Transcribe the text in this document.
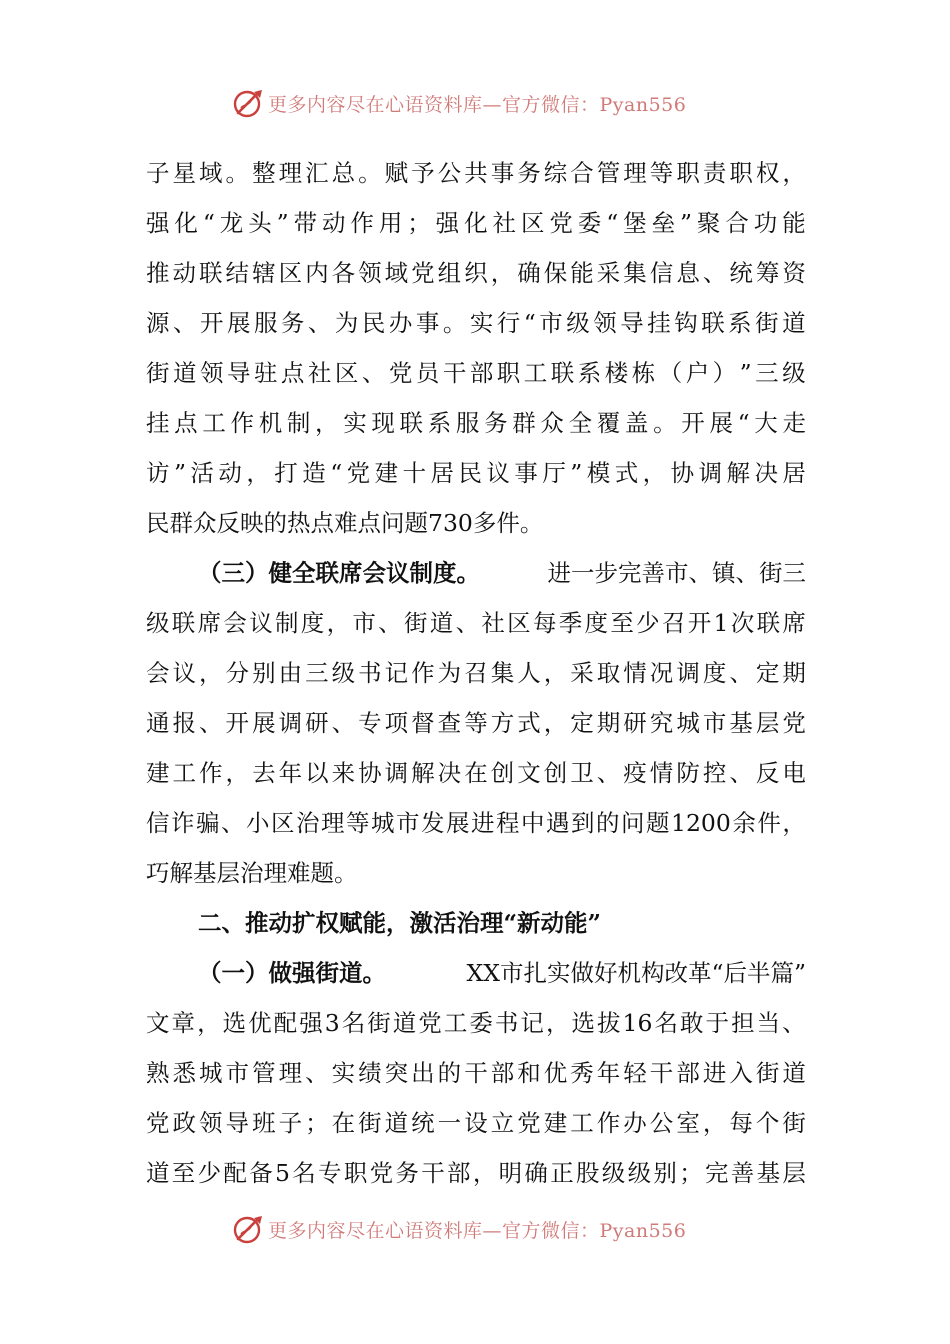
更多内容尽在心语资料库—官方微信：Pyan556
子 星 域 。 整 理 汇 总 。 赋 予 公 共 事 务 综 合 管 理 等 职 责 职 权 ，
强 化 “ 龙 头 ” 带 动 作 用 ； 强 化 社 区 党 委 “ 堡 垒 ” 聚 合 功 能
推 动 联 结 辖 区 内 各 领 域 党 组 织 ， 确 保 能 采 集 信 息 、 统 筹 资
源 、 开 展 服 务 、 为 民 办 事 。 实 行 “ 市 级 领 导 挂 钩 联 系 街 道
街 道 领 导 驻 点 社 区 、 党 员 干 部 职 工 联 系 楼 栋 （ 户 ） ” 三 级
挂 点 工 作 机 制 ， 实 现 联 系 服 务 群 众 全 覆 盖 。 开 展 “ 大 走
访 ” 活 动 ， 打 造 “ 党 建 十 居 民 议 事 厅 ” 模 式 ， 协 调 解 决 居
民群众反映的热点难点问题730多件。
（三）健全联席会议制度。	进一步完善市、镇、街三
级 联 席 会 议 制 度 ， 市 、 街 道 、 社 区 每 季 度 至 少 召 开 1 次 联 席
会 议 ， 分 别 由 三 级 书 记 作 为 召 集 人 ， 采 取 情 况 调 度 、 定 期
通 报 、 开 展 调 研 、 专 项 督 查 等 方 式 ， 定 期 研 究 城 市 基 层 党
建 工 作 ， 去 年 以 来 协 调 解 决 在 创 文 创 卫 、 疫 情 防 控 、 反 电
信 诈 骗 、 小 区 治 理 等 城 市 发 展 进 程 中 遇 到 的 问 题 1200 余 件 ，
巧解基层治理难题。
二、推动扩权赋能，激活治理“新动能”
（一）做强街道。	XX市扎实做好机构改革“后半篇”
文 章 ， 选 优 配 强 3 名 街 道 党 工 委 书 记 ， 选 拔 16 名 敢 于 担 当 、
熟 悉 城 市 管 理 、 实 绩 突 出 的 干 部 和 优 秀 年 轻 干 部 进 入 街 道
党 政 领 导 班 子 ； 在 街 道 统 一 设 立 党 建 工 作 办 公 室 ， 每 个 街
道 至 少 配 备 5 名 专 职 党 务 干 部 ， 明 确 正 股 级 级 别 ； 完 善 基 层
更多内容尽在心语资料库—官方微信：Pyan556
